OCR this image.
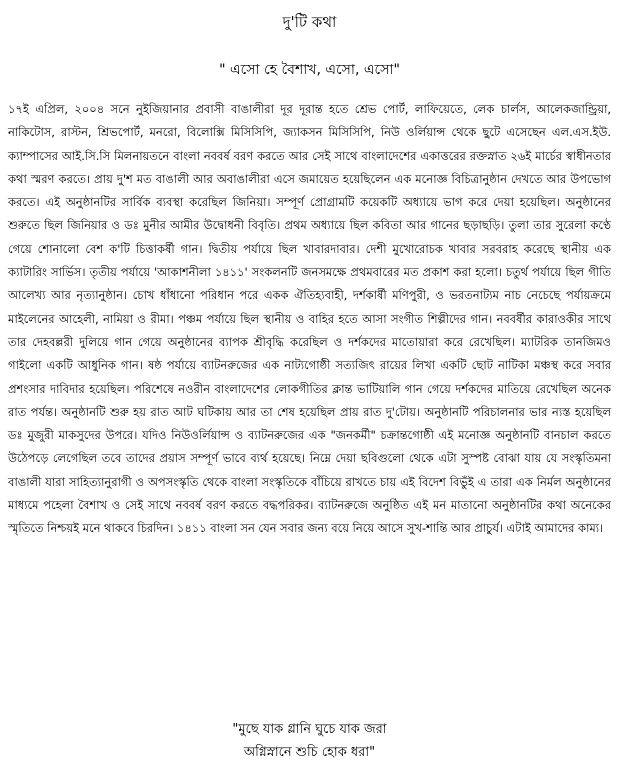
দু'টি কথা
" এসো হে বৈশাখ, এসো, এসো"
১৭ই এপ্রিল, ২০০৪ সনে নুইজিয়ানার প্রবাসী বাঙালীরা দূর দূরান্ত হতে শ্রেভ পোর্ট, লাফিয়েতে, লেক চার্লস, আলেকজান্ড্রিয়া, নাকিটোস, রাস্টন, শ্রিভপোর্ট, মনরো, বিলোক্সি মিসিসিপি, জ্যাকসন মিসিসিপি, নিউ ওর্লিয়ান্স থেকে ছুটে এসেছেন এল.এস.ইউ. ক্যাম্পাসের আই.সি.সি মিলনায়তনে বাংলা নববর্ষ বরণ করতে আর সেই সাথে বাংলাদেশের একাত্তরের রক্তস্নাত ২৬ই মার্চের স্বাধীনতার কথা স্মরণ করতে। প্রায় দু'শ মত বাঙালী আর অবাঙালীরা এসে জমায়েত হয়েছিলেন এক মনোজ্ঞ বিচিত্রানুষ্ঠান দেখতে আর উপভোগ করতে। এই অনুষ্ঠানটির সার্বিক ব্যবস্থা করেছিল জিনিয়া। সম্পূর্ণ প্রোগ্রামটি কয়েকটি অধ্যায়ে ভাগ করে দেয়া হয়েছিল। অনুষ্ঠানের শুরুতে ছিল জিনিয়ার ও ডঃ মুনীর আমীর উদ্বোধনী বিবৃতি। প্রথম অধ্যায়ে ছিল কবিতা আর গানের ছড়াছড়ি। তুলা তার সুরেলা কণ্ঠে গেয়ে শোনালো বেশ ক'টি চিত্তাকর্ষী গান। দ্বিতীয় পর্যায়ে ছিল খাবারদাবার। দেশী মুখোরোচক খাবার সরবরাহ করেছে স্থানীয় এক ক্যাটারিং সার্ভিস। তৃতীয় পর্যায়ে 'আকাশনীলা ১৪১১' সংকলনটি জনসমক্ষে প্রথমবারের মত প্রকাশ করা হলো। চতুর্থ পর্যায়ে ছিল গীতি আলেখ্য আর নৃত্যানুষ্ঠান। চোখ ধাঁধানো পরিধান পরে একক ঐতিহ্যবাহী, দর্শকার্ষী মণিপুরী, ও ভরতনাট্যম নাচ নেচেছে পর্যায়ক্রমে মাইলেনের আহেলী, নামিয়া ও রীমা। পঞ্চম পর্যায়ে ছিল স্থানীয় ও বাহির হতে আসা সংগীত শিল্পীদের গান। নববর্ষীর কারাওকীর সাথে তার দেহবল্লরী দুলিয়ে গান গেয়ে অনুষ্ঠানের ব্যাপক শ্রীবৃদ্ধি করেছিল ও দর্শকদের মাতোয়ারা করে রেখেছিল। ম্যাটরিক তানজিমও গাইলো একটি আধুনিক গান। ষষ্ঠ পর্যায়ে ব্যাটনরুজের এক নাট্যগোষ্ঠী সত্যজিৎ রায়ের লিখা একটি ছোট নাটিকা মঞ্চস্থ করে সবার প্রশংসার দাবিদার হয়েছিল। পরিশেষে নওরীন বাংলাদেশের লোকগীতির ক্লান্ত ভাটিয়ালি গান গেয়ে দর্শকদের মাতিয়ে রেখেছিল অনেক রাত পর্যন্ত। অনুষ্ঠানটি শুরু হয় রাত আট ঘটিকায় আর তা শেষ হয়েছিল প্রায় রাত দু'টোয়। অনুষ্ঠানটি পরিচালনার ভার ন্যস্ত হয়েছিল ডঃ মুজুরী মাকসুদের উপরে। যদিও নিউওর্লিয়ান্স ও ব্যাটনরুজের এক "জনকর্মী" চক্রান্তগোষ্ঠী এই মনোজ্ঞ অনুষ্ঠানটি বানচাল করতে উঠেপড়ে লেগেছিল তবে তাদের প্রয়াস সম্পূর্ণ ভাবে ব্যর্থ হয়েছে। নিম্নে দেয়া ছবিগুলো থেকে এটা সুস্পষ্ট বোঝা যায় যে সংস্কৃতিমনা বাঙালী যারা সাহিত্যানুরাগী ও অপসংস্কৃতি থেকে বাংলা সংস্কৃতিকে বাঁচিয়ে রাখতে চায় এই বিদেশ বিভুঁই এ তারা এক নির্মল অনুষ্ঠানের মাধ্যমে পহেলা বৈশাখ ও সেই সাথে নববর্ষ বরণ করতে বদ্ধপরিকর। ব্যাটনরুজে অনুষ্ঠিত এই মন মাতানো অনুষ্ঠানটির কথা অনেকের স্মৃতিতে নিশ্চয়ই মনে থাকবে চিরদিন। ১৪১১ বাংলা সন যেন সবার জন্য বয়ে নিয়ে আসে সুখ-শান্তি আর প্রাচুর্য। এটাই আমাদের কাম্য।
"মুছে যাক গ্লানি ঘুচে যাক জরা
অগ্নিস্নানে শুচি হোক ধরা"
